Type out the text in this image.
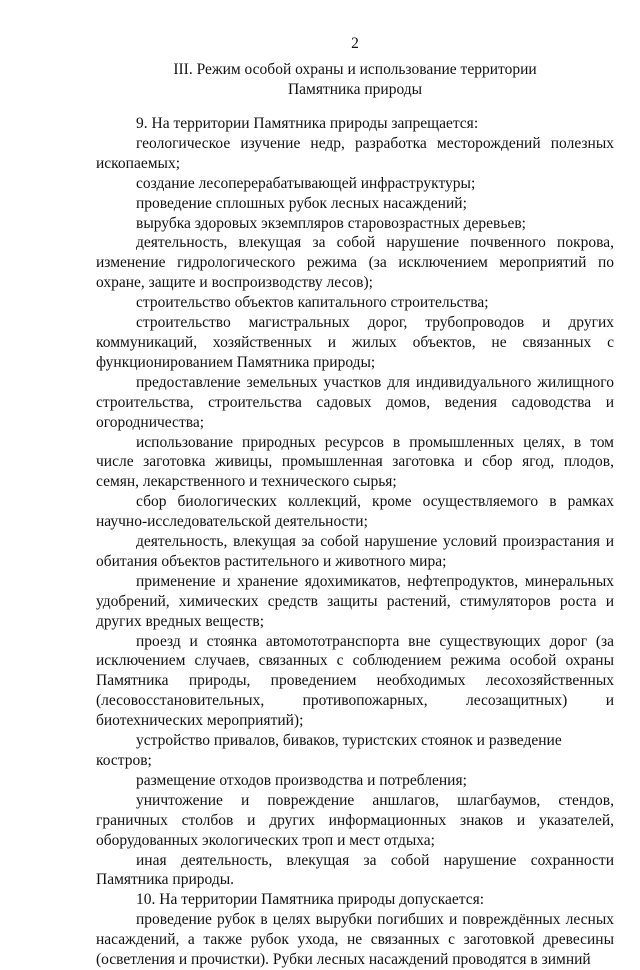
2
III. Режим особой охраны и использование территории
Памятника природы

9. На территории Памятника природы запрещается:

геологическое изучение недр, разработка месторождений полезных ископаемых;

создание лесоперерабатывающей инфраструктуры;

проведение сплошных рубок лесных насаждений;

вырубка здоровых экземпляров старовозрастных деревьев;

деятельность, влекущая за собой нарушение почвенного покрова, изменение гидрологического режима (за исключением мероприятий по охране, защите и воспроизводству лесов);

строительство объектов капитального строительства;

строительство магистральных дорог, трубопроводов и других коммуникаций, хозяйственных и жилых объектов, не связанных с функционированием Памятника природы;

предоставление земельных участков для индивидуального жилищного строительства, строительства садовых домов, ведения садоводства и огородничества;

использование природных ресурсов в промышленных целях, в том числе заготовка живицы, промышленная заготовка и сбор ягод, плодов, семян, лекарственного и технического сырья;

сбор биологических коллекций, кроме осуществляемого в рамках научно-исследовательской деятельности;

деятельность, влекущая за собой нарушение условий произрастания и обитания объектов растительного и животного мира;

применение и хранение ядохимикатов, нефтепродуктов, минеральных удобрений, химических средств защиты растений, стимуляторов роста и других вредных веществ;

проезд и стоянка автомототранспорта вне существующих дорог (за исключением случаев, связанных с соблюдением режима особой охраны Памятника природы, проведением необходимых лесохозяйственных (лесовосстановительных, противопожарных, лесозащитных) и биотехнических мероприятий);

устройство привалов, биваков, туристских стоянок и разведение костров;

размещение отходов производства и потребления;

уничтожение и повреждение аншлагов, шлагбаумов, стендов, граничных столбов и других информационных знаков и указателей, оборудованных экологических троп и мест отдыха;

иная деятельность, влекущая за собой нарушение сохранности Памятника природы.

10. На территории Памятника природы допускается:

проведение рубок в целях вырубки погибших и повреждённых лесных насаждений, а также рубок ухода, не связанных с заготовкой древесины (осветления и прочистки). Рубки лесных насаждений проводятся в зимний
